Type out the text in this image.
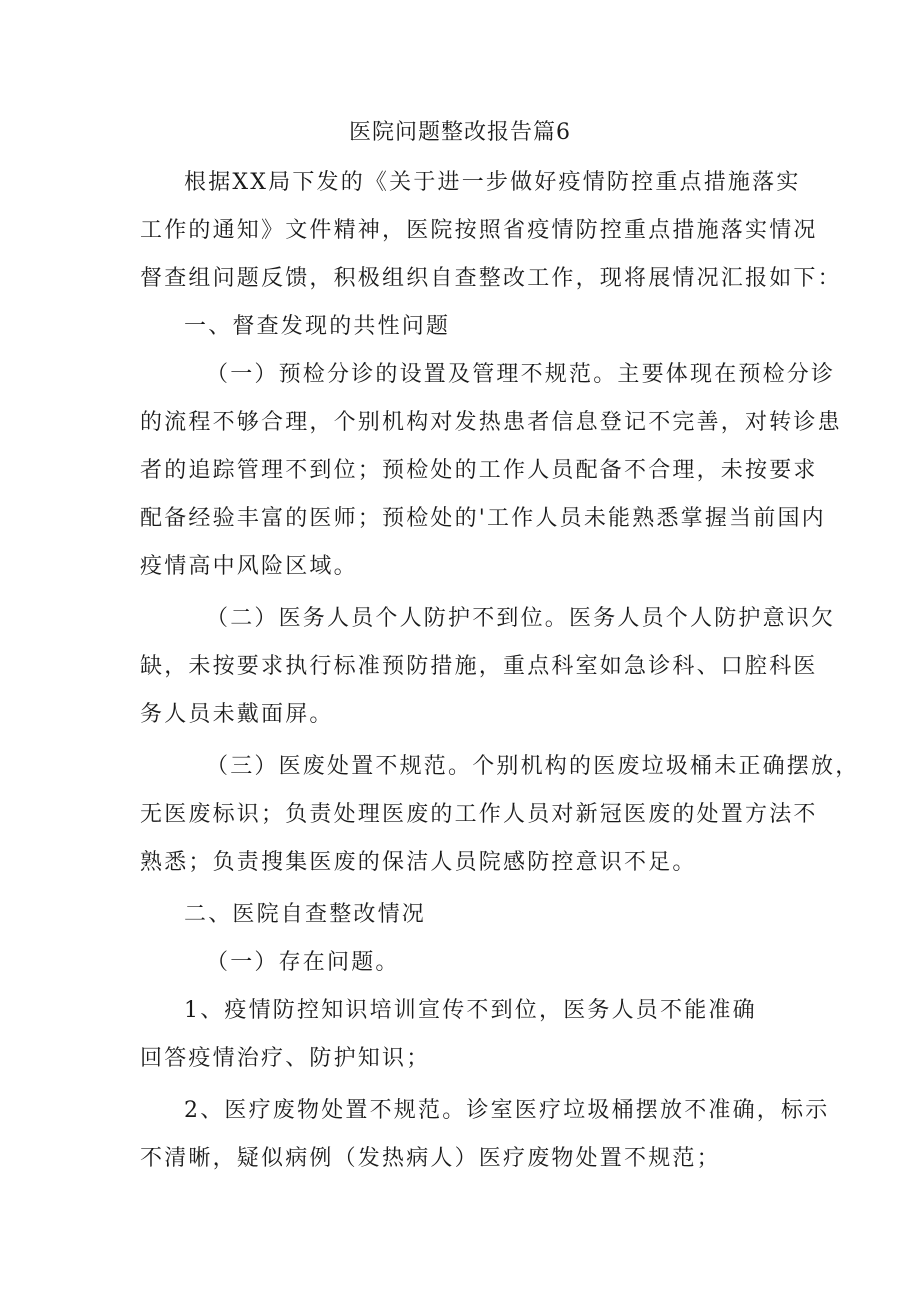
医院问题整改报告篇6
根据XX局下发的《关于进一步做好疫情防控重点措施落实
工作的通知》文件精神，医院按照省疫情防控重点措施落实情况
督查组问题反馈，积极组织自查整改工作，现将展情况汇报如下：
一、督查发现的共性问题
（一）预检分诊的设置及管理不规范。主要体现在预检分诊
的流程不够合理，个别机构对发热患者信息登记不完善，对转诊患
者的追踪管理不到位；预检处的工作人员配备不合理，未按要求
配备经验丰富的医师；预检处的'工作人员未能熟悉掌握当前国内
疫情高中风险区域。
（二）医务人员个人防护不到位。医务人员个人防护意识欠
缺，未按要求执行标准预防措施，重点科室如急诊科、口腔科医
务人员未戴面屏。
（三）医废处置不规范。个别机构的医废垃圾桶未正确摆放，
无医废标识；负责处理医废的工作人员对新冠医废的处置方法不
熟悉；负责搜集医废的保洁人员院感防控意识不足。
二、医院自查整改情况
（一）存在问题。
1、疫情防控知识培训宣传不到位，医务人员不能准确
回答疫情治疗、防护知识；
2、医疗废物处置不规范。诊室医疗垃圾桶摆放不准确，标示
不清晰，疑似病例（发热病人）医疗废物处置不规范；
